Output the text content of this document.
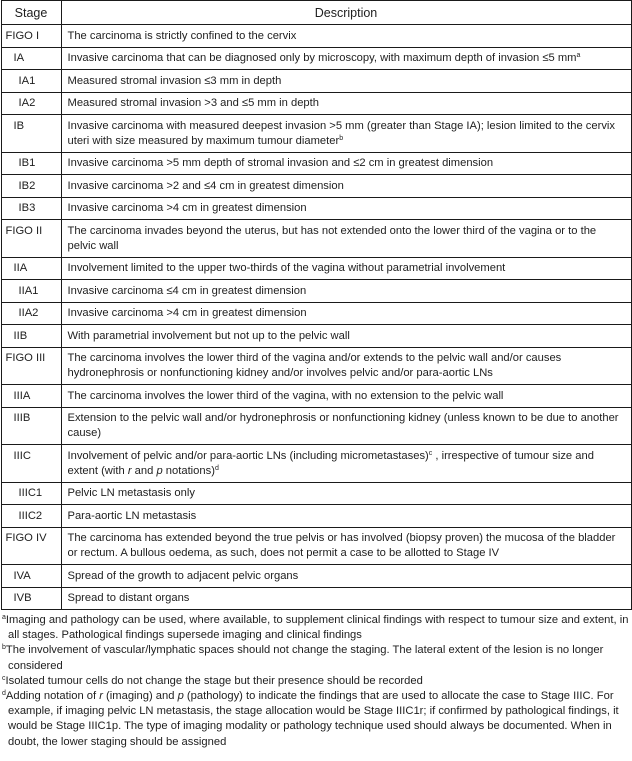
Stage	Description
FIGO I	The carcinoma is strictly confined to the cervix
IA	Invasive carcinoma that can be diagnosed only by microscopy, with maximum depth of invasion ≤5 $mm^a$
IA1	Measured stromal invasion ≤3 mm in depth
IA2	Measured stromal invasion >3 and ≤5 mm in depth
IB	Invasive carcinoma with measured deepest invasion >5 mm (greater than Stage IA); lesion limited to the cervix uteri with size measured by maximum tumour diameter$^b$
IB1	Invasive carcinoma >5 mm depth of stromal invasion and ≤2 cm in greatest dimension
IB2	Invasive carcinoma >2 and ≤4 cm in greatest dimension
IB3	Invasive carcinoma >4 cm in greatest dimension
FIGO II	The carcinoma invades beyond the uterus, but has not extended onto the lower third of the vagina or to the pelvic wall
IIA	Involvement limited to the upper two-thirds of the vagina without parametrial involvement
IIA1	Invasive carcinoma ≤4 cm in greatest dimension
IIA2	Invasive carcinoma >4 cm in greatest dimension
IIB	With parametrial involvement but not up to the pelvic wall
FIGO III	The carcinoma involves the lower third of the vagina and/or extends to the pelvic wall and/or causes hydronephrosis or nonfunctioning kidney and/or involves pelvic and/or para-aortic LNs
IIIA	The carcinoma involves the lower third of the vagina, with no extension to the pelvic wall
IIIB	Extension to the pelvic wall and/or hydronephrosis or nonfunctioning kidney (unless known to be due to another cause)
IIIC	Involvement of pelvic and/or para-aortic LNs (including micrometastases)$^c$ , irrespective of tumour size and extent (with r and p notations)$^d$
IIIC1	Pelvic LN metastasis only
IIIC2	Para-aortic LN metastasis
FIGO IV	The carcinoma has extended beyond the true pelvis or has involved (biopsy proven) the mucosa of the bladder or rectum. A bullous oedema, as such, does not permit a case to be allotted to Stage IV
IVA	Spread of the growth to adjacent pelvic organs
IVB	Spread to distant organs
$^a$Imaging and pathology can be used, where available, to supplement clinical findings with respect to tumour size and extent, in all stages. Pathological findings supersede imaging and clinical findings
$^b$The involvement of vascular/lymphatic spaces should not change the staging. The lateral extent of the lesion is no longer considered
$^c$Isolated tumour cells do not change the stage but their presence should be recorded
$^d$Adding notation of r (imaging) and p (pathology) to indicate the findings that are used to allocate the case to Stage IIIC. For example, if imaging pelvic LN metastasis, the stage allocation would be Stage IIIC1r; if confirmed by pathological findings, it would be Stage IIIC1p. The type of imaging modality or pathology technique used should always be documented. When in doubt, the lower staging should be assigned
